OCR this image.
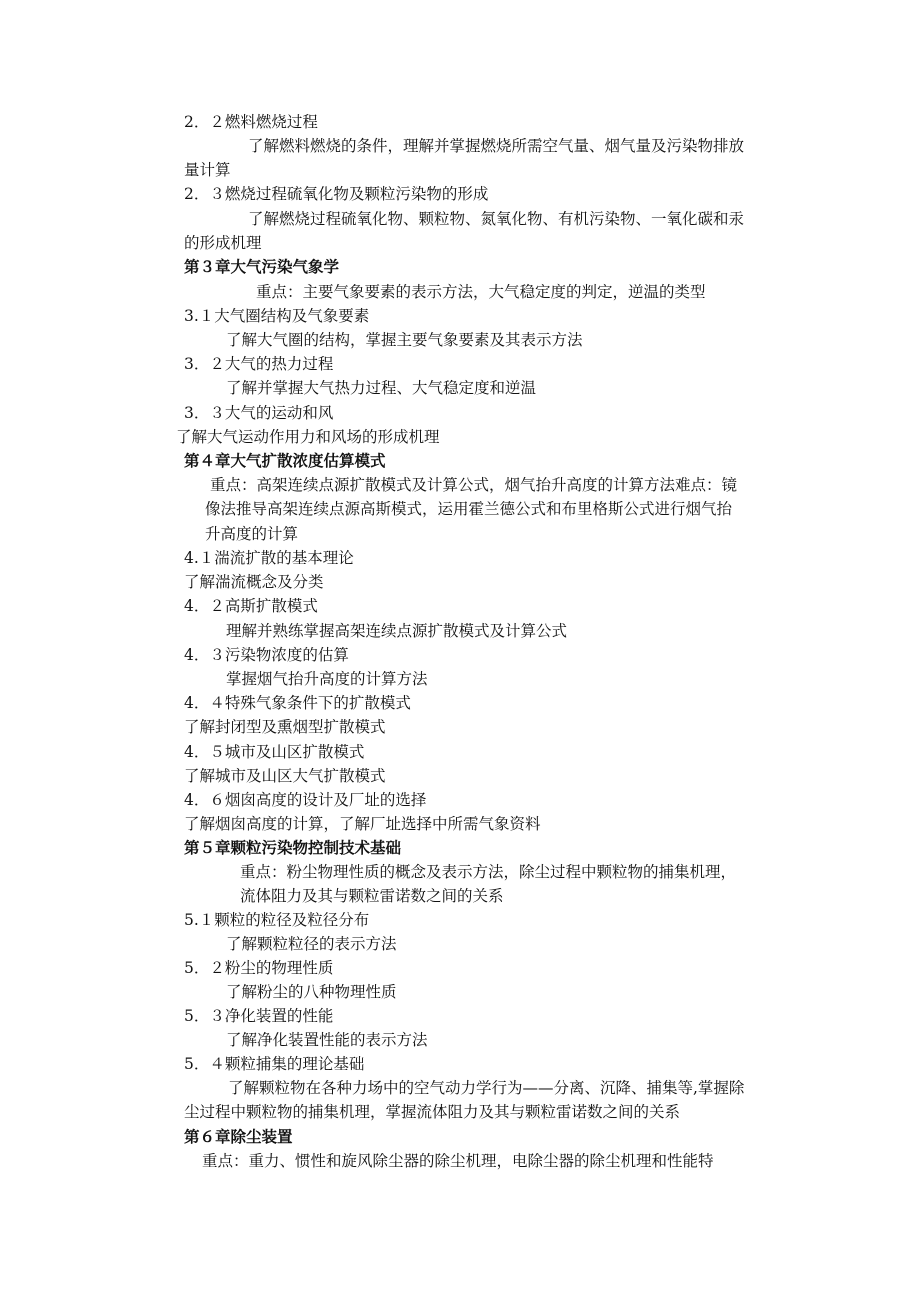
2．２燃料燃烧过程
了解燃料燃烧的条件，理解并掌握燃烧所需空气量、烟气量及污染物排放
量计算
2．３燃烧过程硫氧化物及颗粒污染物的形成
了解燃烧过程硫氧化物、颗粒物、氮氧化物、有机污染物、一氧化碳和汞
的形成机理
第３章大气污染气象学
重点：主要气象要素的表示方法，大气稳定度的判定，逆温的类型
3.１大气圈结构及气象要素
了解大气圈的结构，掌握主要气象要素及其表示方法
3．２大气的热力过程
了解并掌握大气热力过程、大气稳定度和逆温
3．３大气的运动和风
了解大气运动作用力和风场的形成机理
第４章大气扩散浓度估算模式
重点：高架连续点源扩散模式及计算公式，烟气抬升高度的计算方法难点：镜
像法推导高架连续点源高斯模式，运用霍兰德公式和布里格斯公式进行烟气抬
升高度的计算
4.１湍流扩散的基本理论
了解湍流概念及分类
4．２高斯扩散模式
理解并熟练掌握高架连续点源扩散模式及计算公式
4．３污染物浓度的估算
掌握烟气抬升高度的计算方法
4．４特殊气象条件下的扩散模式
了解封闭型及熏烟型扩散模式
4．５城市及山区扩散模式
了解城市及山区大气扩散模式
4．６烟囱高度的设计及厂址的选择
了解烟囱高度的计算，了解厂址选择中所需气象资料
第５章颗粒污染物控制技术基础
重点：粉尘物理性质的概念及表示方法，除尘过程中颗粒物的捕集机理，
流体阻力及其与颗粒雷诺数之间的关系
5.１颗粒的粒径及粒径分布
了解颗粒粒径的表示方法
5．２粉尘的物理性质
了解粉尘的八种物理性质
5．３净化装置的性能
了解净化装置性能的表示方法
5．４颗粒捕集的理论基础
了解颗粒物在各种力场中的空气动力学行为——分离、沉降、捕集等,掌握除
尘过程中颗粒物的捕集机理，掌握流体阻力及其与颗粒雷诺数之间的关系
第６章除尘装置
重点：重力、惯性和旋风除尘器的除尘机理，电除尘器的除尘机理和性能特
